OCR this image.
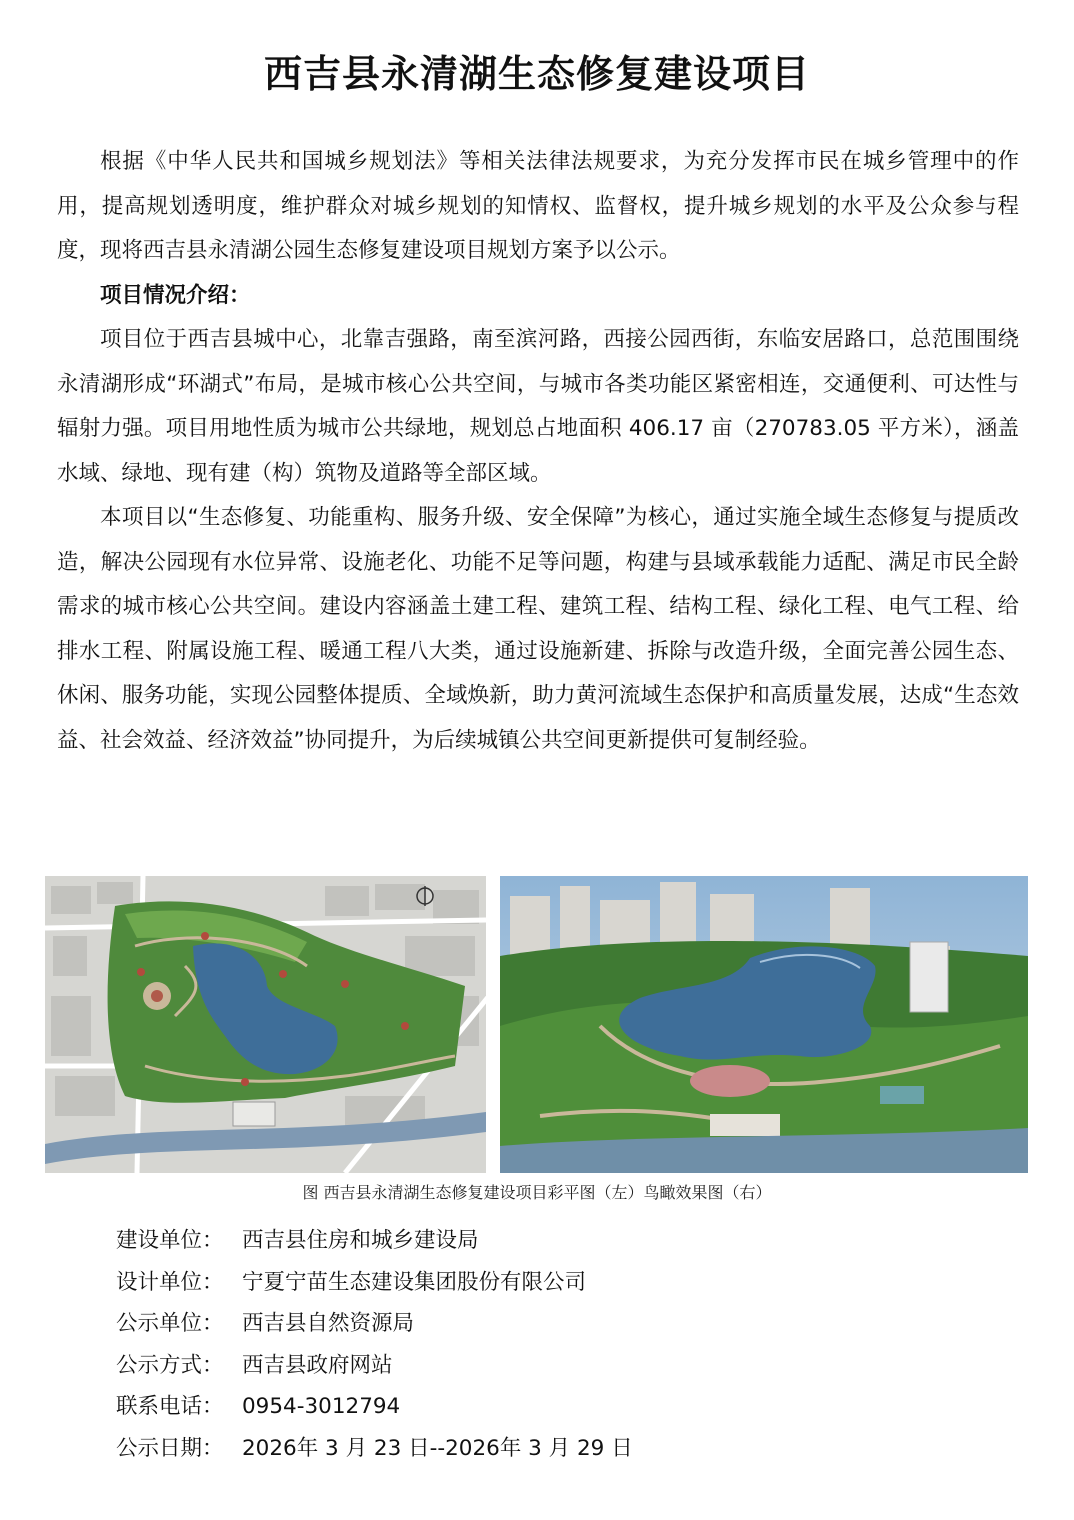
西吉县永清湖生态修复建设项目

根据《中华人民共和国城乡规划法》等相关法律法规要求，为充分发挥市民在城乡管理中的作用，提高规划透明度，维护群众对城乡规划的知情权、监督权，提升城乡规划的水平及公众参与程度，现将西吉县永清湖公园生态修复建设项目规划方案予以公示。

项目情况介绍：

项目位于西吉县城中心，北靠吉强路，南至滨河路，西接公园西街，东临安居路口，总范围围绕永清湖形成“环湖式”布局，是城市核心公共空间，与城市各类功能区紧密相连，交通便利、可达性与辐射力强。项目用地性质为城市公共绿地，规划总占地面积 406.17 亩（270783.05 平方米），涵盖水域、绿地、现有建（构）筑物及道路等全部区域。

本项目以“生态修复、功能重构、服务升级、安全保障”为核心，通过实施全域生态修复与提质改造，解决公园现有水位异常、设施老化、功能不足等问题，构建与县域承载能力适配、满足市民全龄需求的城市核心公共空间。建设内容涵盖土建工程、建筑工程、结构工程、绿化工程、电气工程、给排水工程、附属设施工程、暖通工程八大类，通过设施新建、拆除与改造升级，全面完善公园生态、休闲、服务功能，实现公园整体提质、全域焕新，助力黄河流域生态保护和高质量发展，达成“生态效益、社会效益、经济效益”协同提升，为后续城镇公共空间更新提供可复制经验。

图 西吉县永清湖生态修复建设项目彩平图（左）鸟瞰效果图（右）
建设单位： 西吉县住房和城乡建设局
设计单位： 宁夏宁苗生态建设集团股份有限公司
公示单位： 西吉县自然资源局
公示方式： 西吉县政府网站
联系电话： 0954-3012794
公示日期： 2026年 3 月 23 日--2026年 3 月 29 日
